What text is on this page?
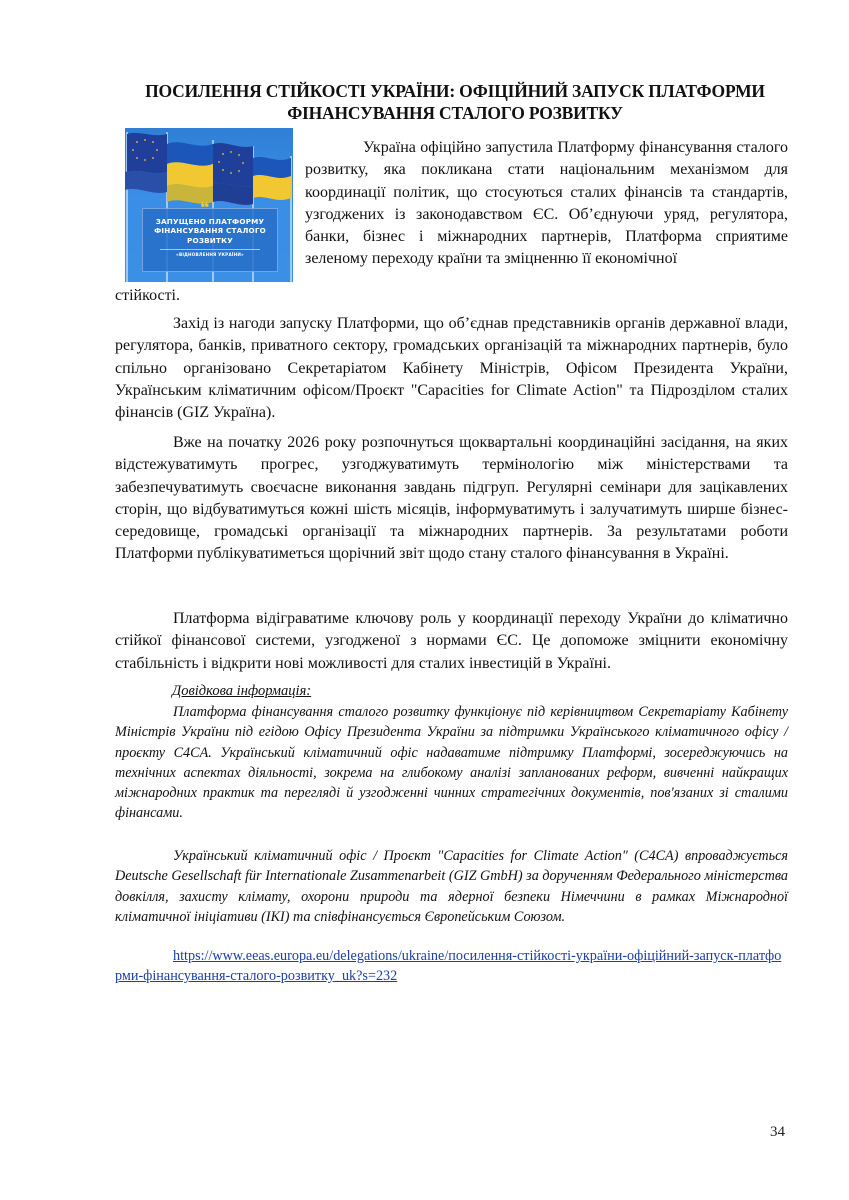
ПОСИЛЕННЯ СТІЙКОСТІ УКРАЇНИ: ОФІЦІЙНИЙ ЗАПУСК ПЛАТФОРМИ ФІНАНСУВАННЯ СТАЛОГО РОЗВИТКУ
ЗАПУЩЕНО ПЛАТФОРМУ ФІНАНСУВАННЯ СТАЛОГО РОЗВИТКУ
«ВІДНОВЛЕННЯ УКРАЇНИ»
Україна офіційно запустила Платформу фінансування сталого розвитку, яка покликана стати національним механізмом для координації політик, що стосуються сталих фінансів та стандартів, узгоджених із законодавством ЄС. Об’єднуючи уряд, регулятора, банки, бізнес і міжнародних партнерів, Платформа сприятиме зеленому переходу країни та зміцненню її економічної
стійкості.
Захід із нагоди запуску Платформи, що об’єднав представників органів державної влади, регулятора, банків, приватного сектору, громадських організацій та міжнародних партнерів, було спільно організовано Секретаріатом Кабінету Міністрів, Офісом Президента України, Українським кліматичним офісом/Проєкт "Capacities for Climate Action" та Підрозділом сталих фінансів (GIZ Україна).
Вже на початку 2026 року розпочнуться щоквартальні координаційні засідання, на яких відстежуватимуть прогрес, узгоджуватимуть термінологію між міністерствами та забезпечуватимуть своєчасне виконання завдань підгруп. Регулярні семінари для зацікавлених сторін, що відбуватимуться кожні шість місяців, інформуватимуть і залучатимуть ширше бізнес-середовище, громадські організації та міжнародних партнерів. За результатами роботи Платформи публікуватиметься щорічний звіт щодо стану сталого фінансування в Україні.
Платформа відіграватиме ключову роль у координації переходу України до кліматично стійкої фінансової системи, узгодженої з нормами ЄС. Це допоможе зміцнити економічну стабільність і відкрити нові можливості для сталих інвестицій в Україні.
Довідкова інформація:
Платформа фінансування сталого розвитку функціонує під керівництвом Секретаріату Кабінету Міністрів України під егідою Офісу Президента України за підтримки Українського кліматичного офісу / проєкту C4CA. Український кліматичний офіс надаватиме підтримку Платформі, зосереджуючись на технічних аспектах діяльності, зокрема на глибокому аналізі запланованих реформ, вивченні найкращих міжнародних практик та перегляді й узгодженні чинних стратегічних документів, пов'язаних зі сталими фінансами.
Український кліматичний офіс / Проєкт "Capacities for Climate Action" (C4CA) впроваджується Deutsche Gesellschaft für Internationale Zusammenarbeit (GIZ GmbH) за дорученням Федерального міністерства довкілля, захисту клімату, охорони природи та ядерної безпеки Німеччини в рамках Міжнародної кліматичної ініціативи (IKI) та співфінансується Європейським Союзом.
https://www.eeas.europa.eu/delegations/ukraine/посилення-стійкості-україни-офіційний-запуск-платформи-фінансування-сталого-розвитку_uk?s=232
34
